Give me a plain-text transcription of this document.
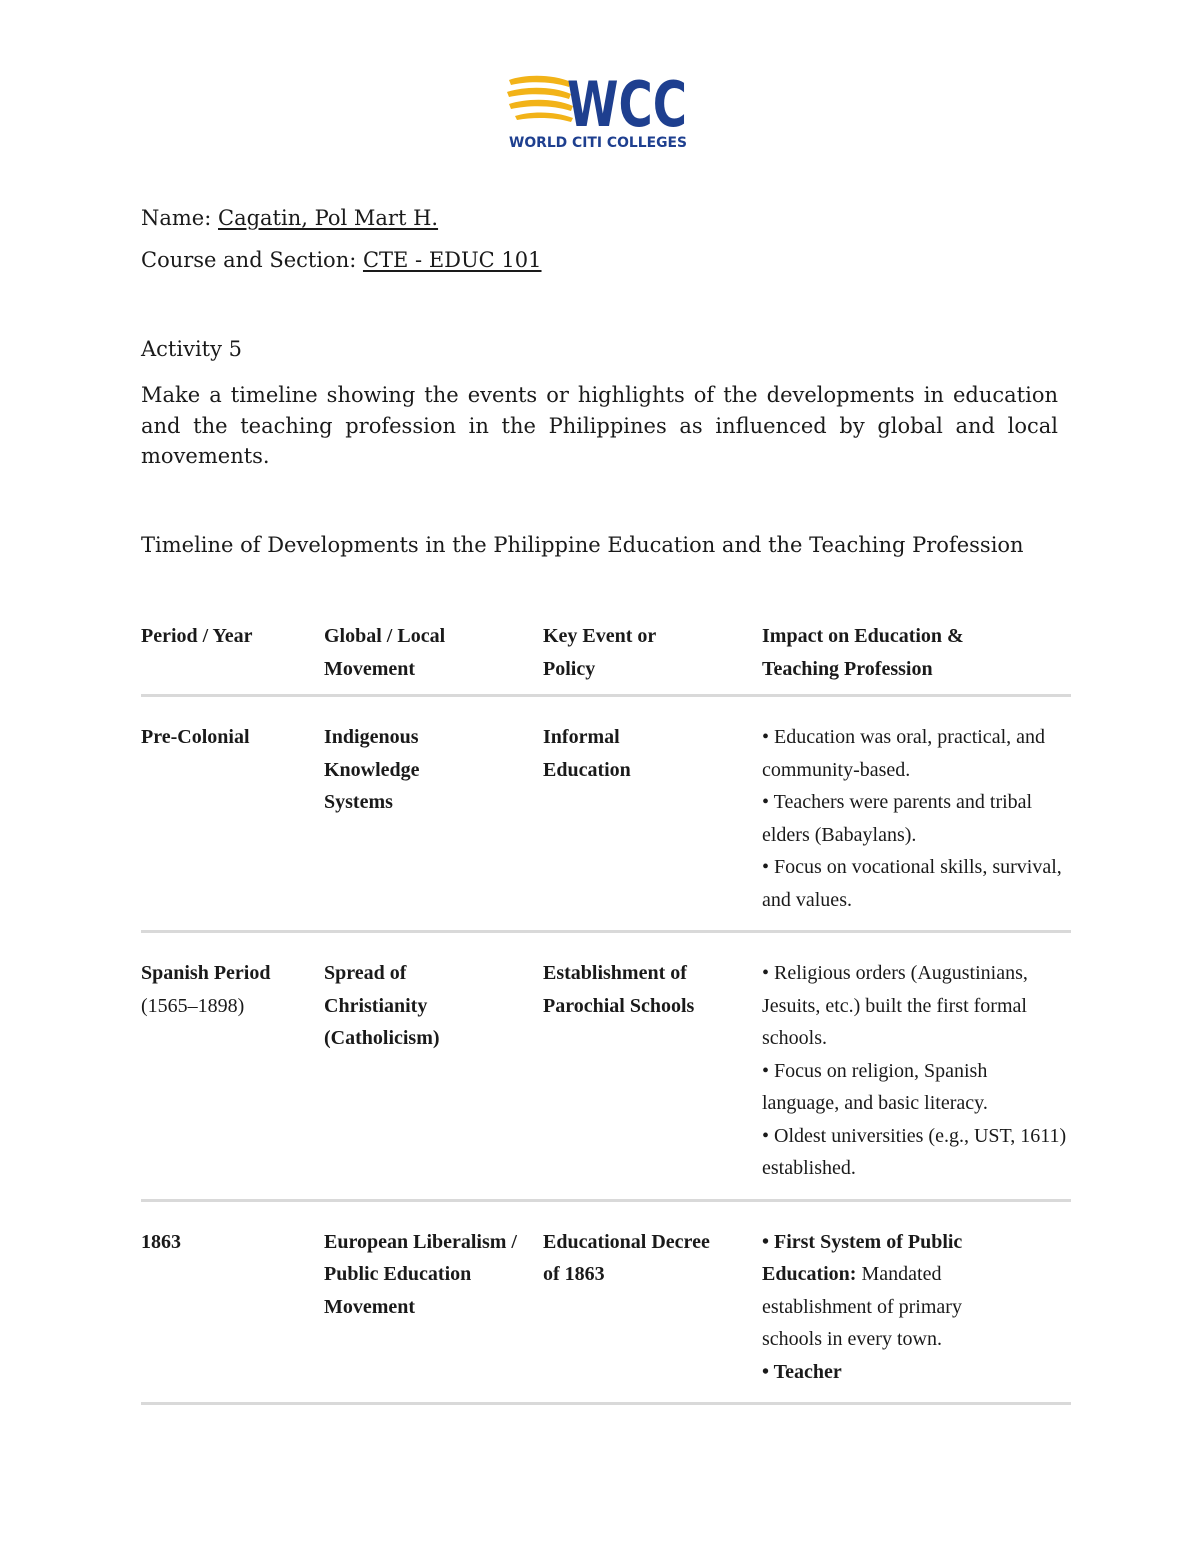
WCC
WORLD CITI COLLEGES
Name: Cagatin, Pol Mart H.
Course and Section: CTE - EDUC 101
Activity 5
Make a timeline showing the events or highlights of the developments in education and the teaching profession in the Philippines as influenced by global and local movements.
Timeline of Developments in the Philippine Education and the Teaching Profession
Period / Year	Global / Local Movement	Key Event or Policy	Impact on Education & Teaching Profession
Pre-Colonial	Indigenous Knowledge Systems	Informal Education	• Education was oral, practical, and community-based.
• Teachers were parents and tribal elders (Babaylans).
• Focus on vocational skills, survival, and values.

Spanish Period
(1565–1898)	Spread of Christianity (Catholicism)	Establishment of Parochial Schools	• Religious orders (Augustinians, Jesuits, etc.) built the first formal schools.
• Focus on religion, Spanish language, and basic literacy.
• Oldest universities (e.g., UST, 1611) established.

1863	European Liberalism / Public Education Movement	Educational Decree of 1863	• First System of Public Education: Mandated establishment of primary schools in every town.
• Teacher
